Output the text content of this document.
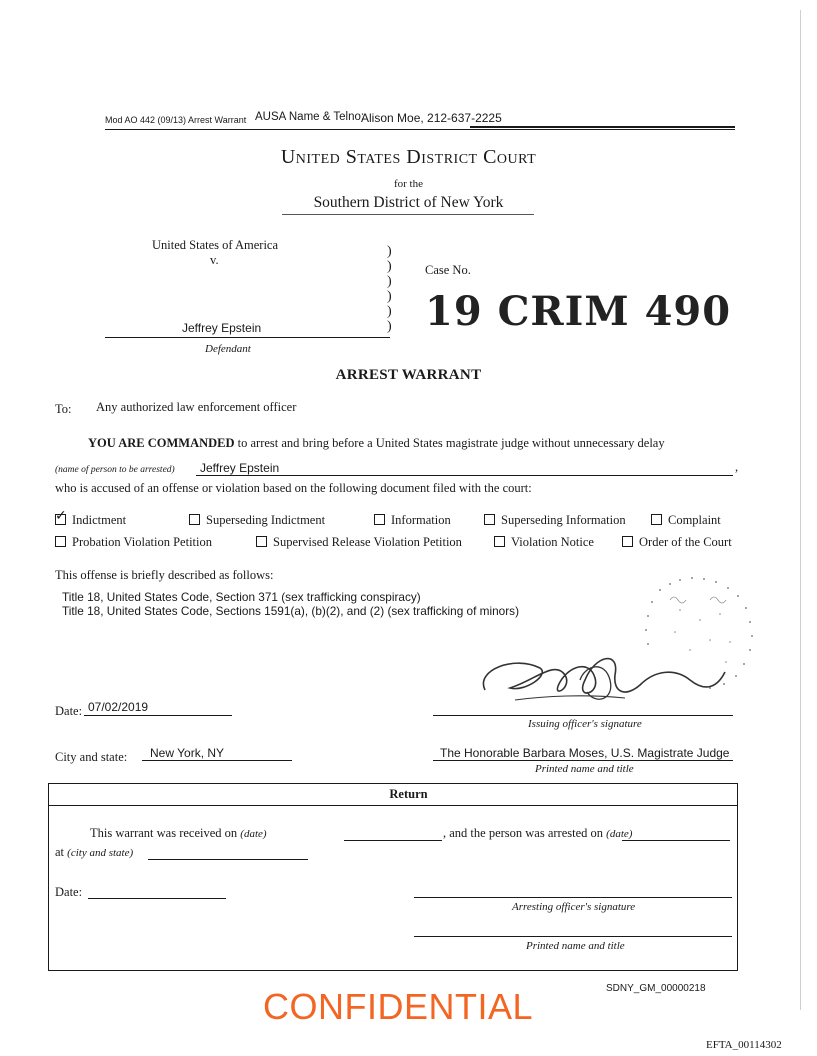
Mod AO 442 (09/13) Arrest Warrant AUSA Name & Telno:
Alison Moe, 212-637-2225
United States District Court
for the
Southern District of New York
United States of America
v.
)
)
)
)
)
)
Case No.
19 CRIM 490
Jeffrey Epstein
Defendant
ARREST WARRANT
To: Any authorized law enforcement officer
YOU ARE COMMANDED to arrest and bring before a United States magistrate judge without unnecessary delay
(name of person to be arrested) Jeffrey Epstein	,
who is accused of an offense or violation based on the following document filed with the court:
✓Indictment	Superseding Indictment	Information	Superseding Information	Complaint
Probation Violation Petition	Supervised Release Violation Petition	Violation Notice	Order of the Court
This offense is briefly described as follows:
Title 18, United States Code, Section 371 (sex trafficking conspiracy)
Title 18, United States Code, Sections 1591(a), (b)(2), and (2) (sex trafficking of minors)
Date: 07/02/2019
Issuing officer's signature
City and state: New York, NY	The Honorable Barbara Moses, U.S. Magistrate Judge
Printed name and title
Return
This warrant was received on (date)	, and the person was arrested on (date)
at (city and state)
Date:
Arresting officer's signature
Printed name and title
SDNY_GM_00000218
CONFIDENTIAL
EFTA_00114302
